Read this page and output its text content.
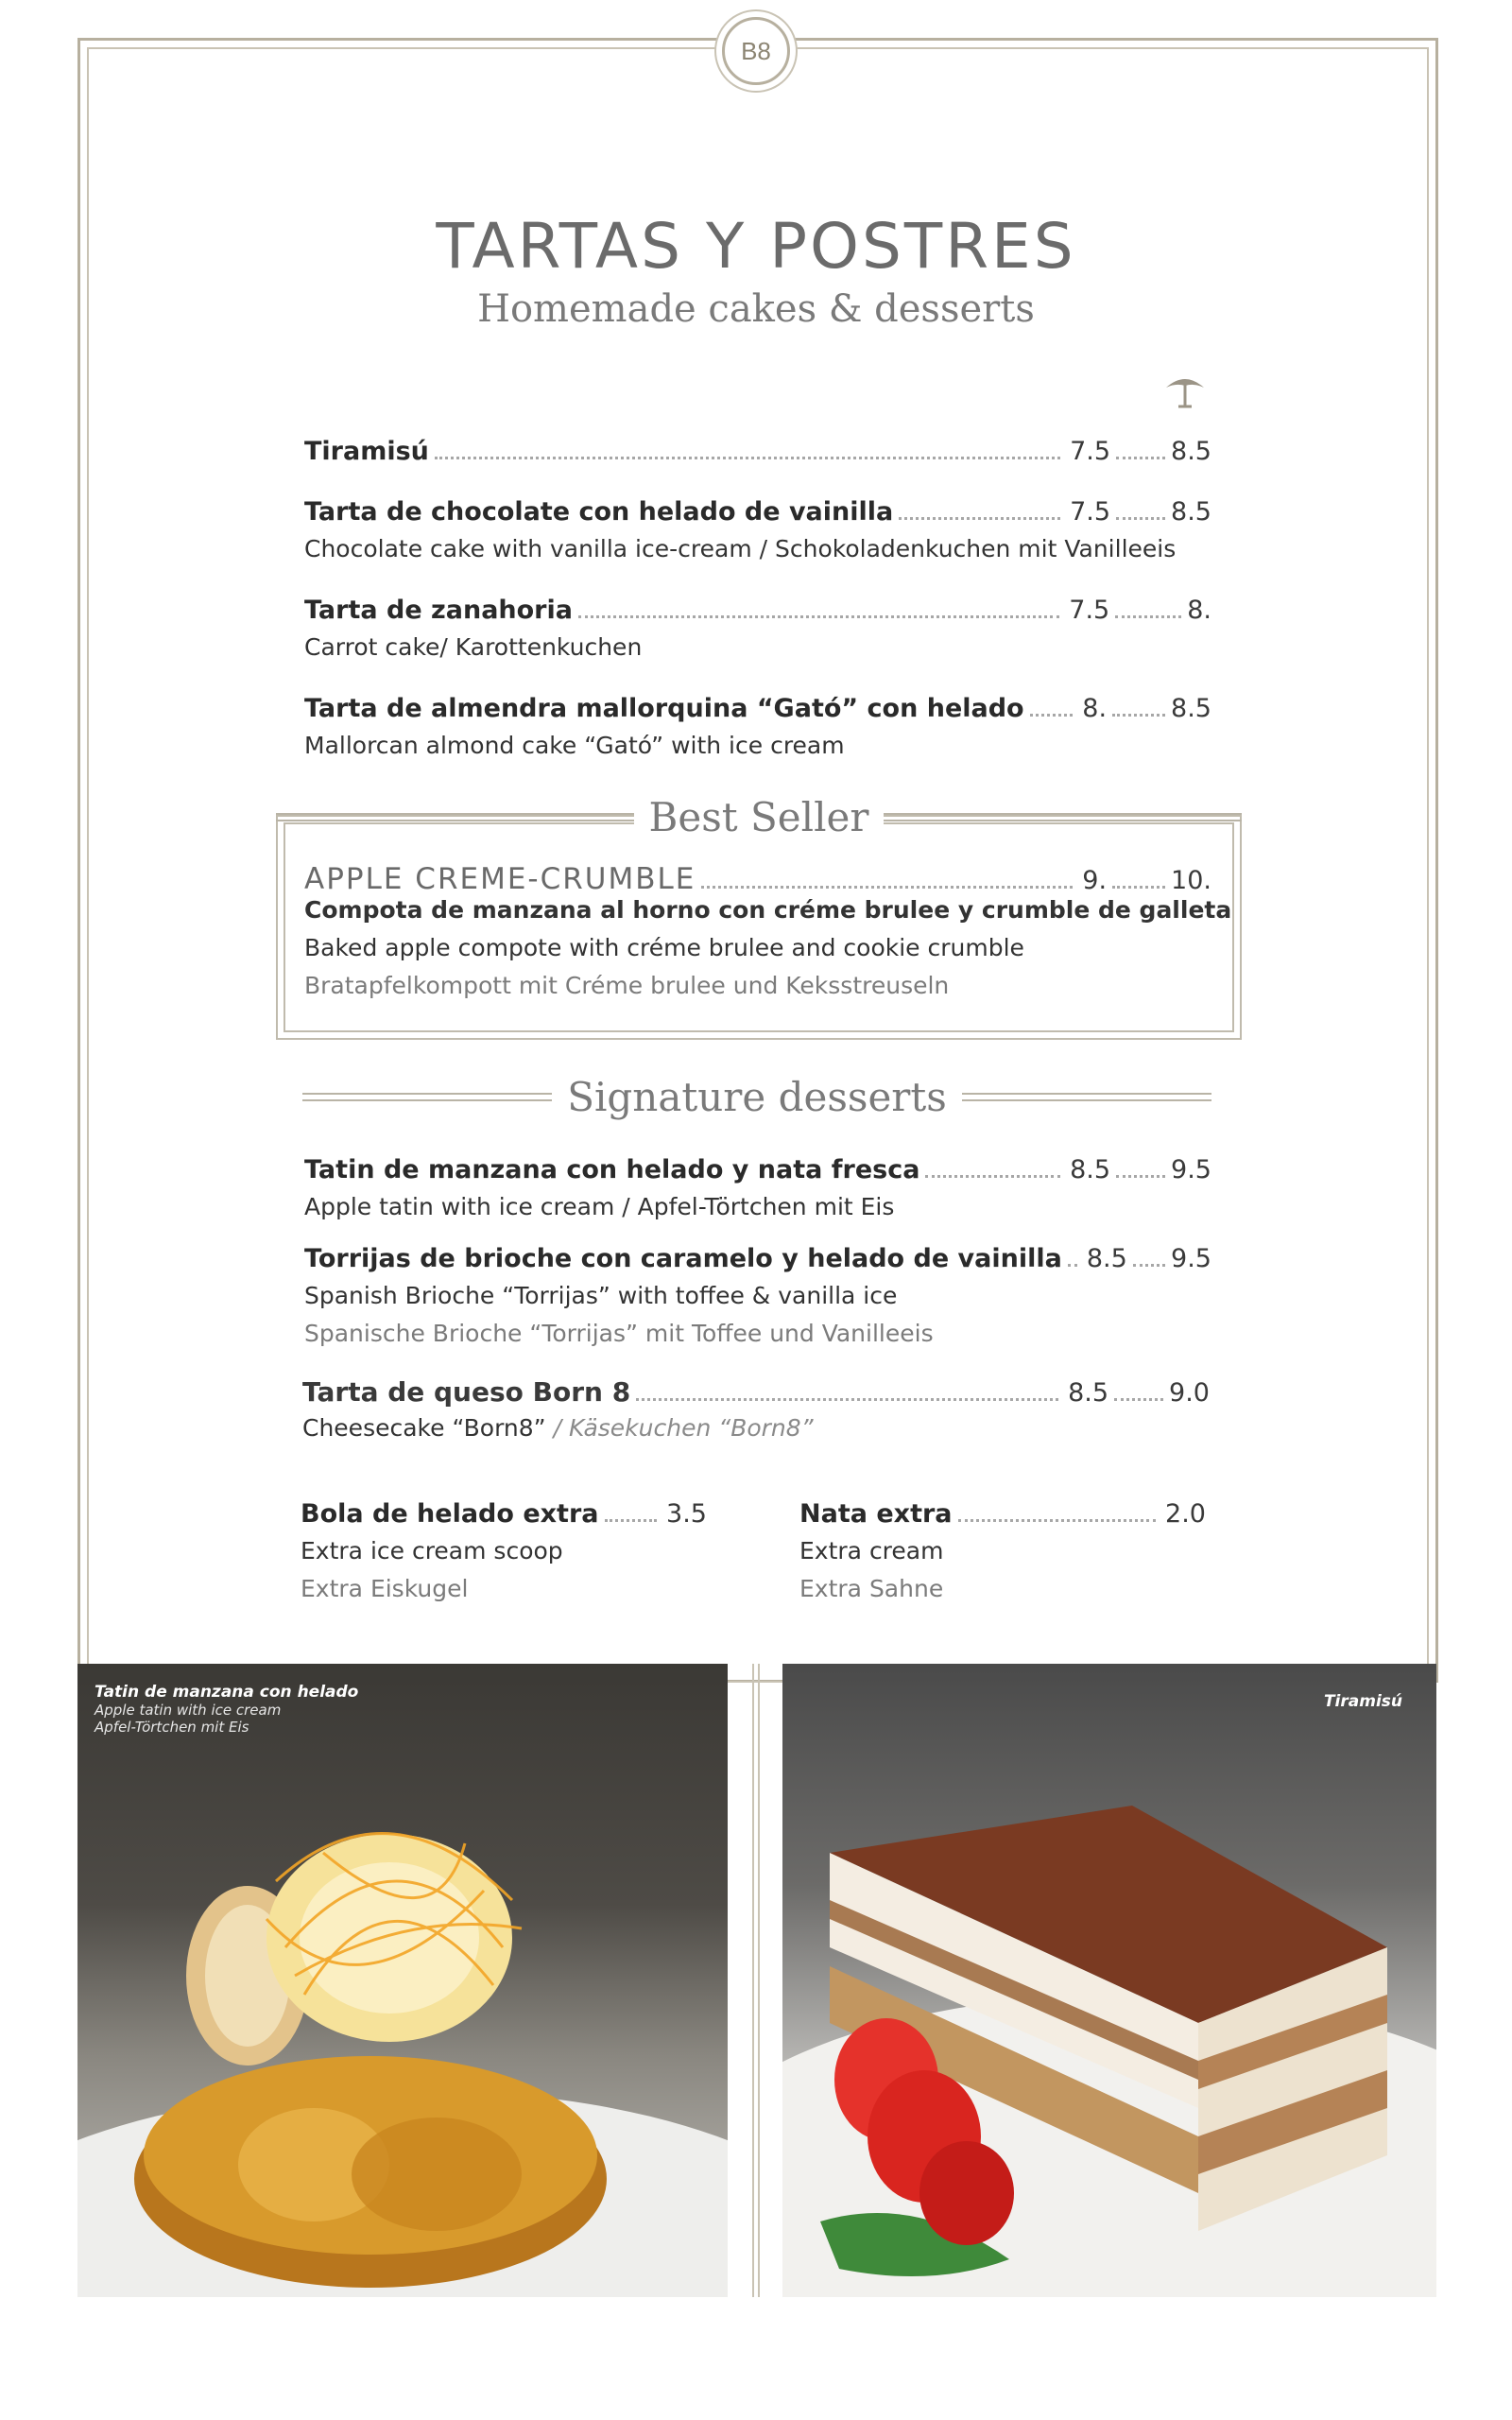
B8
TARTAS Y POSTRES
Homemade cakes & desserts
Tiramisú	7.5 8.5
Tarta de chocolate con helado de vainilla	7.5 8.5
Chocolate cake with vanilla ice-cream / Schokoladenkuchen mit Vanilleeis
Tarta de zanahoria	7.5	8.
Carrot cake/ Karottenkuchen
Tarta de almendra mallorquina “Gató” con helado 8.	8.5
Mallorcan almond cake “Gató” with ice cream
Best Seller
APPLE CREME-CRUMBLE	9.	10.
Compota de manzana al horno con créme brulee y crumble de galleta
Baked apple compote with créme brulee and cookie crumble
Bratapfelkompott mit Créme brulee und Keksstreuseln
Signature desserts
Tatin de manzana con helado y nata fresca	8.5 9.5
Apple tatin with ice cream / Apfel-Törtchen mit Eis
Torrijas de brioche con caramelo y helado de vainilla 8.5 9.5
Spanish Brioche “Torrijas” with toffee & vanilla ice
Spanische Brioche “Torrijas” mit Toffee und Vanilleeis
Tarta de queso Born 8	8.5 9.0
Cheesecake “Born8” / Käsekuchen “Born8”
Bola de helado extra	3.5
Extra ice cream scoop
Extra Eiskugel
Nata extra	2.0
Extra cream
Extra Sahne
Tatin de manzana con helado
Apple tatin with ice cream
Apfel-Törtchen mit Eis
Tiramisú
